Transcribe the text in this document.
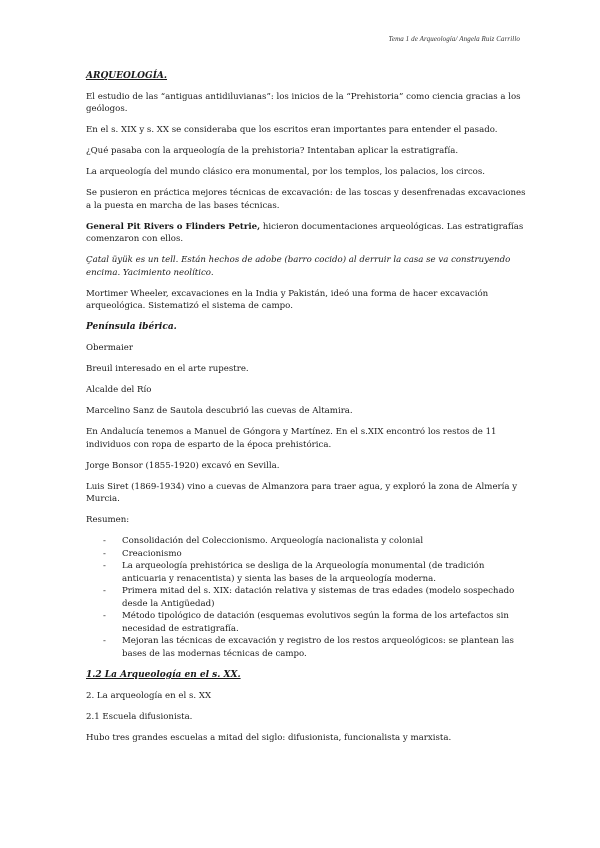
Tema 1 de Arqueología/ Angela Ruiz Carrillo

ARQUEOLOGÍA.

El estudio de las “antiguas antidiluvianas”: los inicios de la “Prehistoria” como ciencia gracias a los geólogos.

En el s. XIX y s. XX se consideraba que los escritos eran importantes para entender el pasado.

¿Qué pasaba con la arqueología de la prehistoria? Intentaban aplicar la estratigrafía.

La arqueología del mundo clásico era monumental, por los templos, los palacios, los circos.

Se pusieron en práctica mejores técnicas de excavación: de las toscas y desenfrenadas excavaciones a la puesta en marcha de las bases técnicas.

General Pit Rivers o Flinders Petrie, hicieron documentaciones arqueológicas. Las estratigrafías comenzaron con ellos.

Çatal üyük es un tell. Están hechos de adobe (barro cocido) al derruir la casa se va construyendo encima. Yacimiento neolítico.

Mortimer Wheeler, excavaciones en la India y Pakistán, ideó una forma de hacer excavación arqueológica. Sistematizó el sistema de campo.

Península ibérica.

Obermaier

Breuil interesado en el arte rupestre.

Alcalde del Río

Marcelino Sanz de Sautola descubrió las cuevas de Altamira.

En Andalucía tenemos a Manuel de Góngora y Martínez. En el s.XIX encontró los restos de 11 individuos con ropa de esparto de la época prehistórica.

Jorge Bonsor (1855-1920) excavó en Sevilla.

Luis Siret (1869-1934) vino a cuevas de Almanzora para traer agua, y exploró la zona de Almería y Murcia.

Resumen:

- Consolidación del Coleccionismo. Arqueología nacionalista y colonial
- Creacionismo
- La arqueología prehistórica se desliga de la Arqueología monumental (de tradición anticuaria y renacentista) y sienta las bases de la arqueología moderna.
- Primera mitad del s. XIX: datación relativa y sistemas de tras edades (modelo sospechado desde la Antigüedad)
- Método tipológico de datación (esquemas evolutivos según la forma de los artefactos sin necesidad de estratigrafía.
- Mejoran las técnicas de excavación y registro de los restos arqueológicos: se plantean las bases de las modernas técnicas de campo.

1.2 La Arqueología en el s. XX.

2. La arqueología en el s. XX

2.1 Escuela difusionista.

Hubo tres grandes escuelas a mitad del siglo: difusionista, funcionalista y marxista.
